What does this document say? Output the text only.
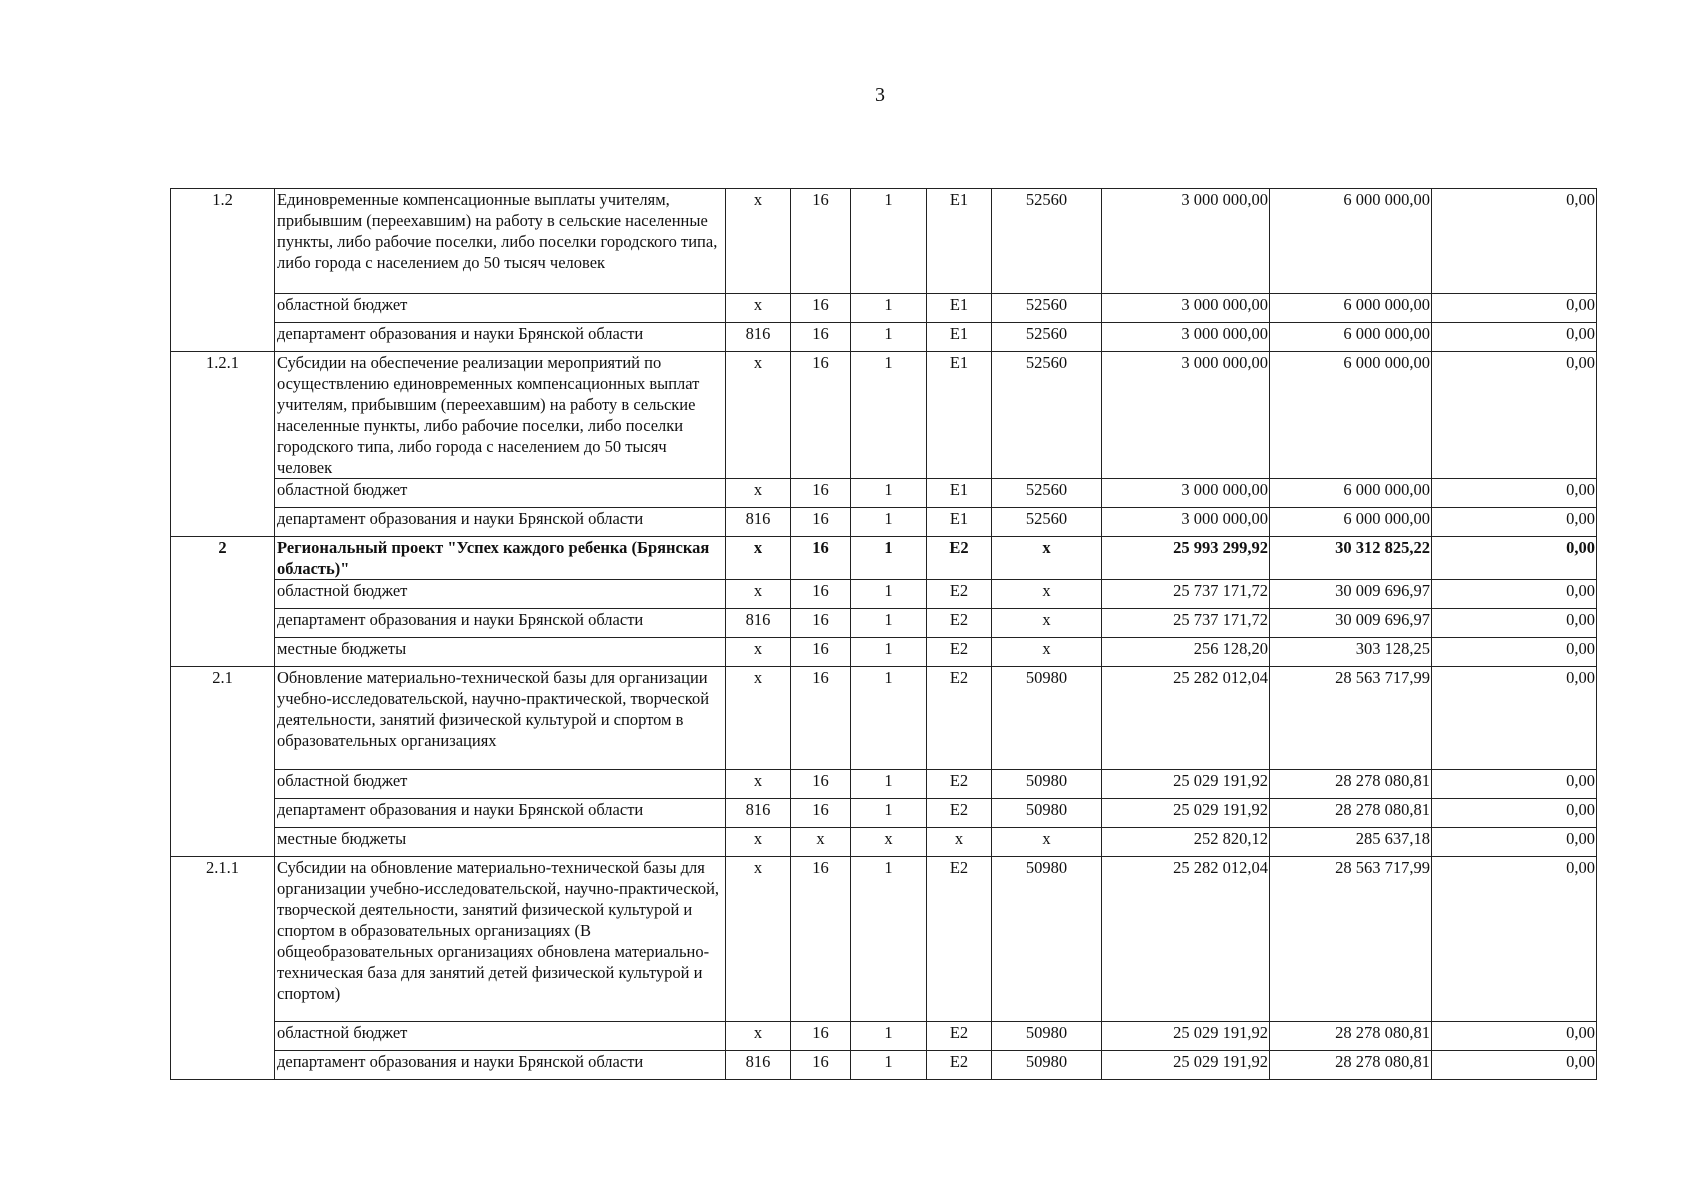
3
1.2	Единовременные компенсационные выплаты учителям, прибывшим (переехавшим) на работу в сельские населенные пункты, либо рабочие поселки, либо поселки городского типа, либо города с населением до 50 тысяч человек	х	16	1	Е1	52560	3 000 000,00	6 000 000,00	0,00
	областной бюджет	х	16	1	Е1	52560	3 000 000,00	6 000 000,00	0,00
	департамент образования и науки Брянской области	816	16	1	Е1	52560	3 000 000,00	6 000 000,00	0,00
1.2.1	Субсидии на обеспечение реализации мероприятий по осуществлению единовременных компенсационных выплат учителям, прибывшим (переехавшим) на работу в сельские населенные пункты, либо рабочие поселки, либо поселки городского типа, либо города с населением до 50 тысяч человек	х	16	1	Е1	52560	3 000 000,00	6 000 000,00	0,00
	областной бюджет	х	16	1	Е1	52560	3 000 000,00	6 000 000,00	0,00
	департамент образования и науки Брянской области	816	16	1	Е1	52560	3 000 000,00	6 000 000,00	0,00
2	Региональный проект "Успех каждого ребенка (Брянская область)"	х	16	1	Е2	х	25 993 299,92	30 312 825,22	0,00
	областной бюджет	х	16	1	Е2	х	25 737 171,72	30 009 696,97	0,00
	департамент образования и науки Брянской области	816	16	1	Е2	х	25 737 171,72	30 009 696,97	0,00
	местные бюджеты	х	16	1	Е2	х	256 128,20	303 128,25	0,00
2.1	Обновление материально-технической базы для организации учебно-исследовательской, научно-практической, творческой деятельности, занятий физической культурой и спортом в образовательных организациях	х	16	1	Е2	50980	25 282 012,04	28 563 717,99	0,00
	областной бюджет	х	16	1	Е2	50980	25 029 191,92	28 278 080,81	0,00
	департамент образования и науки Брянской области	816	16	1	Е2	50980	25 029 191,92	28 278 080,81	0,00
	местные бюджеты	х	х	х	х	х	252 820,12	285 637,18	0,00
2.1.1	Субсидии на обновление материально-технической базы для организации учебно-исследовательской, научно-практической, творческой деятельности, занятий физической культурой и спортом в образовательных организациях (В общеобразовательных организациях обновлена материально-техническая база для занятий детей физической культурой и спортом)	х	16	1	Е2	50980	25 282 012,04	28 563 717,99	0,00
	областной бюджет	х	16	1	Е2	50980	25 029 191,92	28 278 080,81	0,00
	департамент образования и науки Брянской области	816	16	1	Е2	50980	25 029 191,92	28 278 080,81	0,00
